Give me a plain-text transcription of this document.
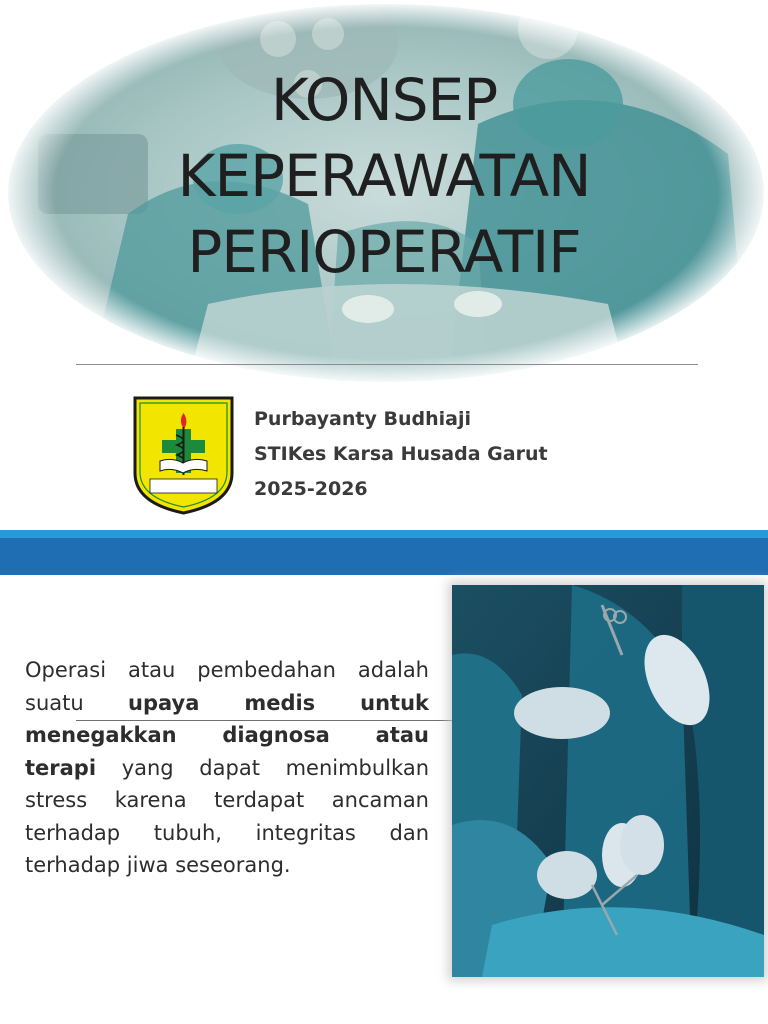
KONSEP
KEPERAWATAN
PERIOPERATIF
Purbayanty Budhiaji
STIKes Karsa Husada Garut
2025-2026
Operasi atau pembedahan adalah suatu upaya medis untuk menegakkan diagnosa atau terapi yang dapat menimbulkan stress karena terdapat ancaman terhadap tubuh, integritas dan terhadap jiwa seseorang.
